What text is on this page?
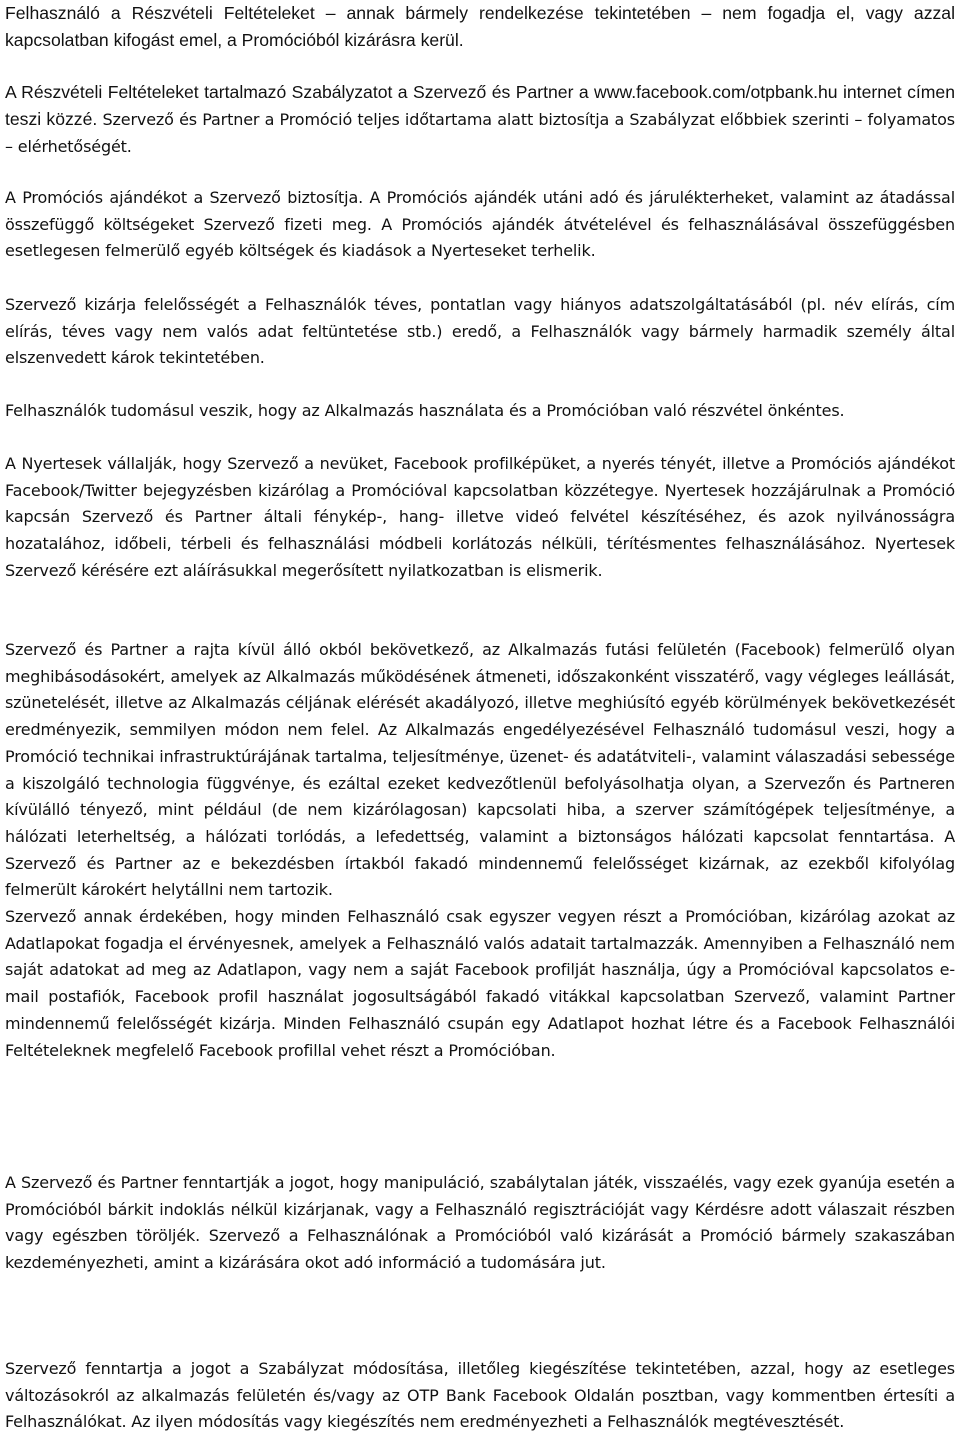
Felhasználó a Részvételi Feltételeket – annak bármely rendelkezése tekintetében – nem fogadja el, vagy azzal kapcsolatban kifogást emel, a Promócióból kizárásra kerül.

A Részvételi Feltételeket tartalmazó Szabályzatot a Szervező és Partner a www.facebook.com/otpbank.hu internet címen teszi közzé. Szervező és Partner a Promóció teljes időtartama alatt biztosítja a Szabályzat előbbiek szerinti – folyamatos – elérhetőségét.

A Promóciós ajándékot a Szervező biztosítja. A Promóciós ajándék utáni adó és járulékterheket, valamint az átadással összefüggő költségeket Szervező fizeti meg. A Promóciós ajándék átvételével és felhasználásával összefüggésben esetlegesen felmerülő egyéb költségek és kiadások a Nyerteseket terhelik.

Szervező kizárja felelősségét a Felhasználók téves, pontatlan vagy hiányos adatszolgáltatásából (pl. név elírás, cím elírás, téves vagy nem valós adat feltüntetése stb.) eredő, a Felhasználók vagy bármely harmadik személy által elszenvedett károk tekintetében.

Felhasználók tudomásul veszik, hogy az Alkalmazás használata és a Promócióban való részvétel önkéntes.

A Nyertesek vállalják, hogy Szervező a nevüket, Facebook profilképüket, a nyerés tényét, illetve a Promóciós ajándékot Facebook/Twitter bejegyzésben kizárólag a Promócióval kapcsolatban közzétegye. Nyertesek hozzájárulnak a Promóció kapcsán Szervező és Partner általi fénykép-, hang- illetve videó felvétel készítéséhez, és azok nyilvánosságra hozatalához, időbeli, térbeli és felhasználási módbeli korlátozás nélküli, térítésmentes felhasználásához. Nyertesek Szervező kérésére ezt aláírásukkal megerősített nyilatkozatban is elismerik.

Szervező és Partner a rajta kívül álló okból bekövetkező, az Alkalmazás futási felületén (Facebook) felmerülő olyan meghibásodásokért, amelyek az Alkalmazás működésének átmeneti, időszakonként visszatérő, vagy végleges leállását, szünetelését, illetve az Alkalmazás céljának elérését akadályozó, illetve meghiúsító egyéb körülmények bekövetkezését eredményezik, semmilyen módon nem felel. Az Alkalmazás engedélyezésével Felhasználó tudomásul veszi, hogy a Promóció technikai infrastruktúrájának tartalma, teljesítménye, üzenet- és adatátviteli-, valamint válaszadási sebessége a kiszolgáló technologia függvénye, és ezáltal ezeket kedvezőtlenül befolyásolhatja olyan, a Szervezőn és Partneren kívülálló tényező, mint például (de nem kizárólagosan) kapcsolati hiba, a szerver számítógépek teljesítménye, a hálózati leterheltség, a hálózati torlódás, a lefedettség, valamint a biztonságos hálózati kapcsolat fenntartása. A Szervező és Partner az e bekezdésben írtakból fakadó mindennemű felelősséget kizárnak, az ezekből kifolyólag felmerült károkért helytállni nem tartozik.

Szervező annak érdekében, hogy minden Felhasználó csak egyszer vegyen részt a Promócióban, kizárólag azokat az Adatlapokat fogadja el érvényesnek, amelyek a Felhasználó valós adatait tartalmazzák. Amennyiben a Felhasználó nem saját adatokat ad meg az Adatlapon, vagy nem a saját Facebook profilját használja, úgy a Promócióval kapcsolatos e-mail postafiók, Facebook profil használat jogosultságából fakadó vitákkal kapcsolatban Szervező, valamint Partner mindennemű felelősségét kizárja. Minden Felhasználó csupán egy Adatlapot hozhat létre és a Facebook Felhasználói Feltételeknek megfelelő Facebook profillal vehet részt a Promócióban.

A Szervező és Partner fenntartják a jogot, hogy manipuláció, szabálytalan játék, visszaélés, vagy ezek gyanúja esetén a Promócióból bárkit indoklás nélkül kizárjanak, vagy a Felhasználó regisztrációját vagy Kérdésre adott válaszait részben vagy egészben töröljék. Szervező a Felhasználónak a Promócióból való kizárását a Promóció bármely szakaszában kezdeményezheti, amint a kizárására okot adó információ a tudomására jut.

Szervező fenntartja a jogot a Szabályzat módosítása, illetőleg kiegészítése tekintetében, azzal, hogy az esetleges változásokról az alkalmazás felületén és/vagy az OTP Bank Facebook Oldalán posztban, vagy kommentben értesíti a Felhasználókat. Az ilyen módosítás vagy kiegészítés nem eredményezheti a Felhasználók megtévesztését.
